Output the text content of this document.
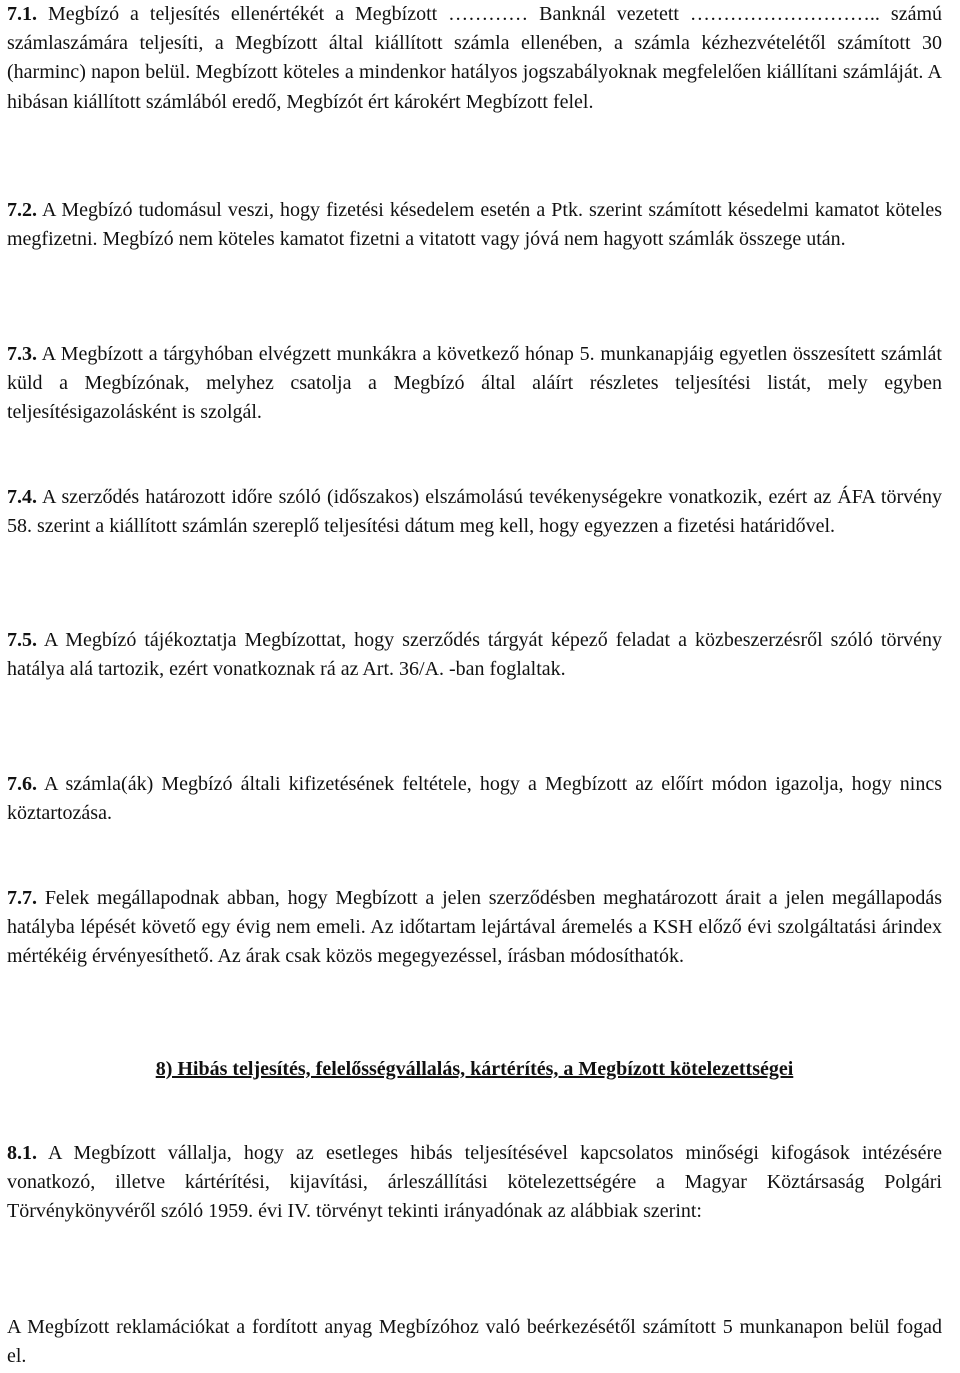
7.1. Megbízó a teljesítés ellenértékét a Megbízott ………… Banknál vezetett ……………………….. számú számlaszámára teljesíti, a Megbízott által kiállított számla ellenében, a számla kézhezvételétől számított 30 (harminc) napon belül. Megbízott köteles a mindenkor hatályos jogszabályoknak megfelelően kiállítani számláját. A hibásan kiállított számlából eredő, Megbízót ért károkért Megbízott felel.

7.2. A Megbízó tudomásul veszi, hogy fizetési késedelem esetén a Ptk. szerint számított késedelmi kamatot köteles megfizetni. Megbízó nem köteles kamatot fizetni a vitatott vagy jóvá nem hagyott számlák összege után.

7.3. A Megbízott a tárgyhóban elvégzett munkákra a következő hónap 5. munkanapjáig egyetlen összesített számlát küld a Megbízónak, melyhez csatolja a Megbízó által aláírt részletes teljesítési listát, mely egyben teljesítésigazolásként is szolgál.

7.4. A szerződés határozott időre szóló (időszakos) elszámolású tevékenységekre vonatkozik, ezért az ÁFA törvény 58. szerint a kiállított számlán szereplő teljesítési dátum meg kell, hogy egyezzen a fizetési határidővel.

7.5. A Megbízó tájékoztatja Megbízottat, hogy szerződés tárgyát képező feladat a közbeszerzésről szóló törvény hatálya alá tartozik, ezért vonatkoznak rá az Art. 36/A. -ban foglaltak.

7.6. A számla(ák) Megbízó általi kifizetésének feltétele, hogy a Megbízott az előírt módon igazolja, hogy nincs köztartozása.

7.7. Felek megállapodnak abban, hogy Megbízott a jelen szerződésben meghatározott árait a jelen megállapodás hatályba lépését követő egy évig nem emeli. Az időtartam lejártával áremelés a KSH előző évi szolgáltatási árindex mértékéig érvényesíthető. Az árak csak közös megegyezéssel, írásban módosíthatók.

8) Hibás teljesítés, felelősségvállalás, kártérítés, a Megbízott kötelezettségei

8.1. A Megbízott vállalja, hogy az esetleges hibás teljesítésével kapcsolatos minőségi kifogások intézésére vonatkozó, illetve kártérítési, kijavítási, árleszállítási kötelezettségére a Magyar Köztársaság Polgári Törvénykönyvéről szóló 1959. évi IV. törvényt tekinti irányadónak az alábbiak szerint:

A Megbízott reklamációkat a fordított anyag Megbízóhoz való beérkezésétől számított 5 munkanapon belül fogad el.
